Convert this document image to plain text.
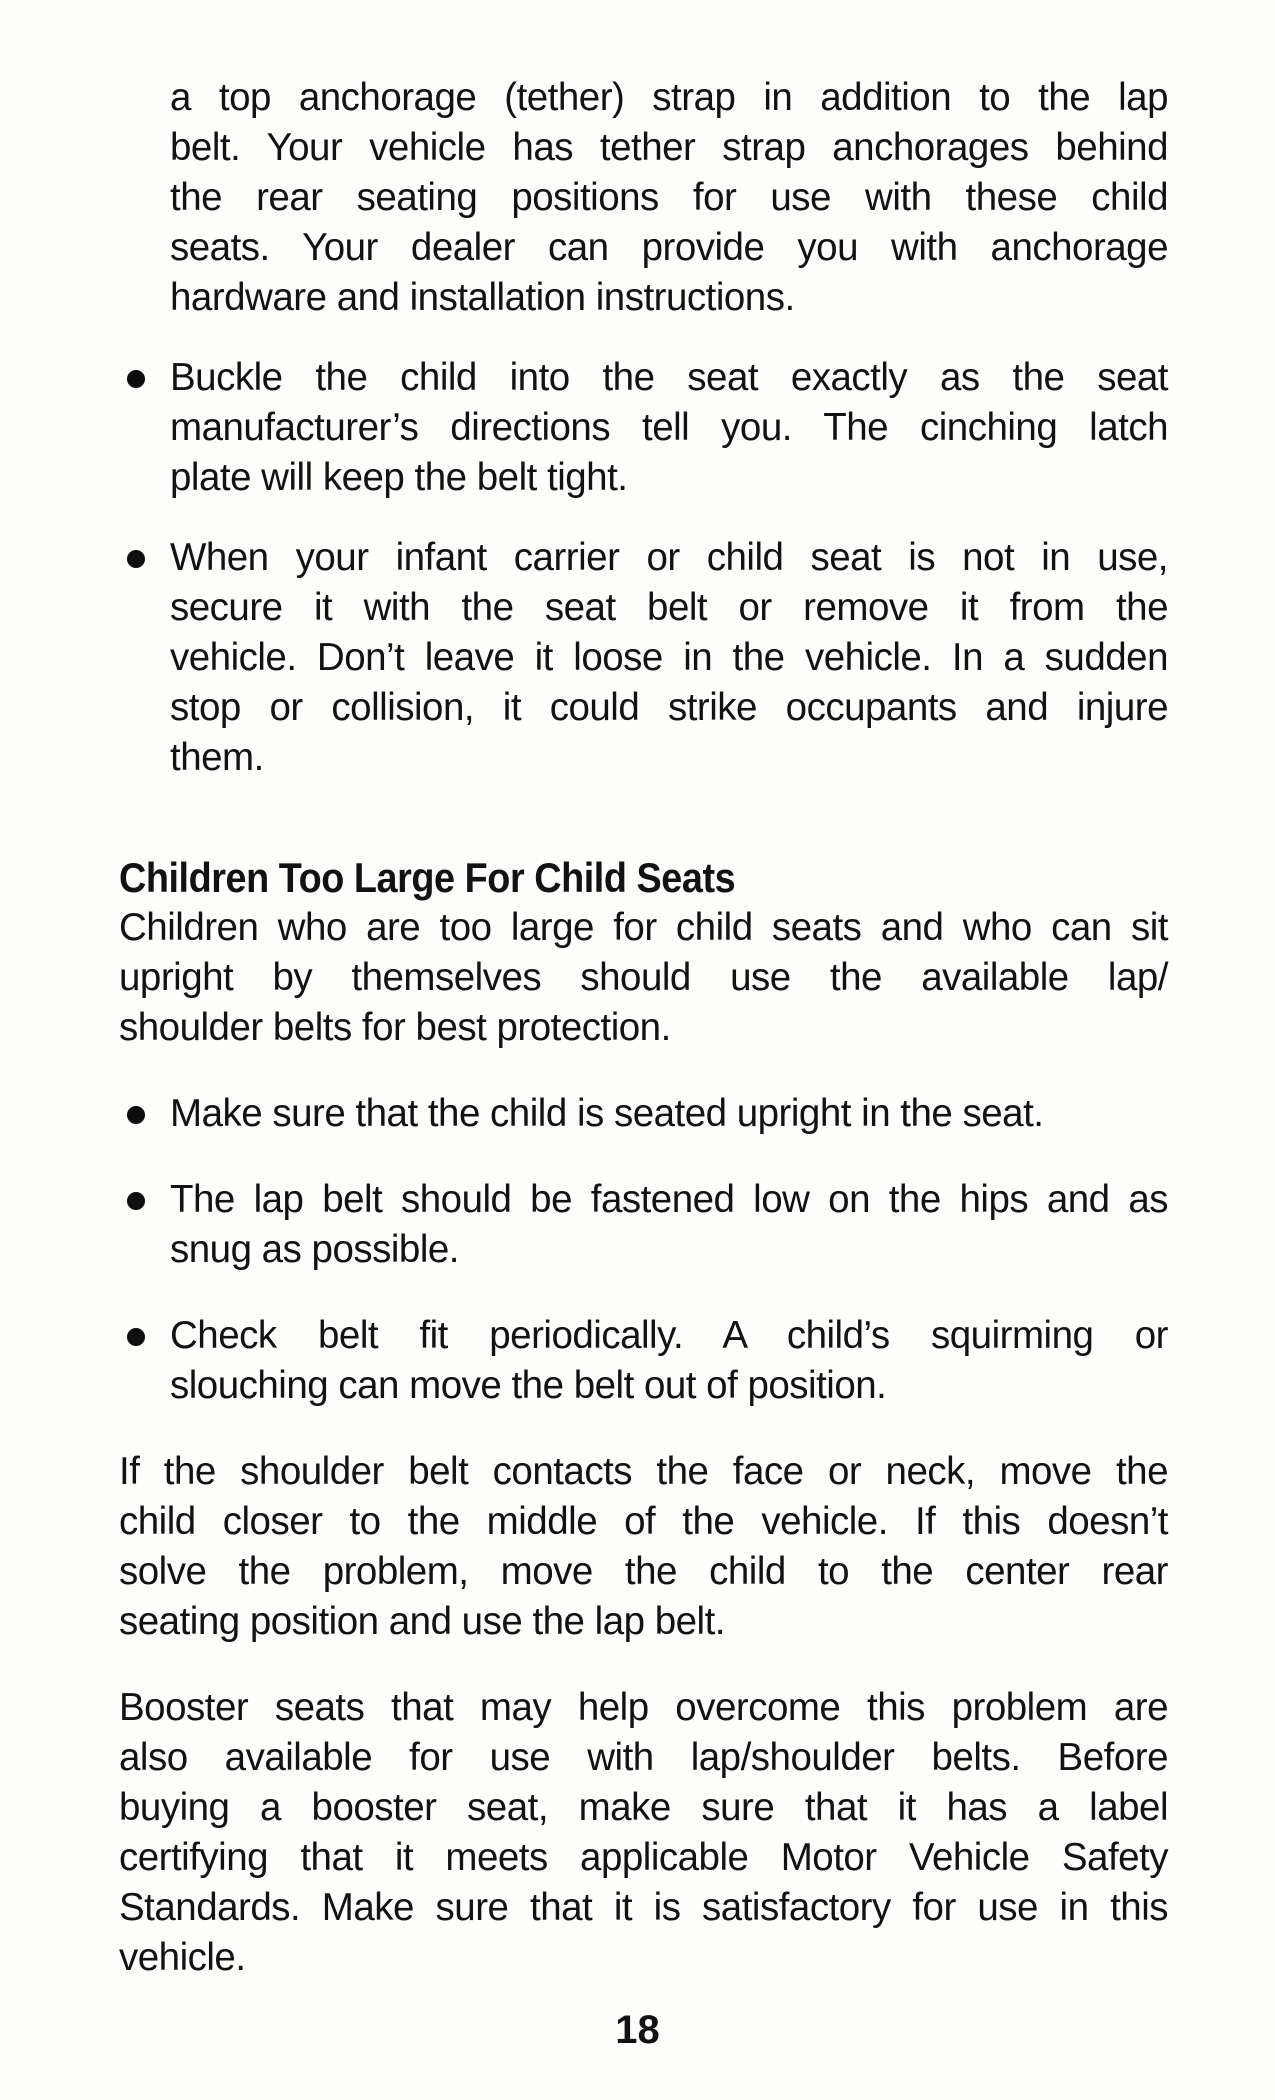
a top anchorage (tether) strap in addition to the lap
belt. Your vehicle has tether strap anchorages behind
the rear seating positions for use with these child
seats. Your dealer can provide you with anchorage
hardware and installation instructions.
Buckle the child into the seat exactly as the seat
manufacturer’s directions tell you. The cinching latch
plate will keep the belt tight.
When your infant carrier or child seat is not in use,
secure it with the seat belt or remove it from the
vehicle. Don’t leave it loose in the vehicle. In a sudden
stop or collision, it could strike occupants and injure
them.
Children Too Large For Child Seats
Children who are too large for child seats and who can sit
upright by themselves should use the available lap/
shoulder belts for best protection.
Make sure that the child is seated upright in the seat.
The lap belt should be fastened low on the hips and as
snug as possible.
Check belt fit periodically. A child’s squirming or
slouching can move the belt out of position.
If the shoulder belt contacts the face or neck, move the
child closer to the middle of the vehicle. If this doesn’t
solve the problem, move the child to the center rear
seating position and use the lap belt.
Booster seats that may help overcome this problem are
also available for use with lap/shoulder belts. Before
buying a booster seat, make sure that it has a label
certifying that it meets applicable Motor Vehicle Safety
Standards. Make sure that it is satisfactory for use in this
vehicle.
18
